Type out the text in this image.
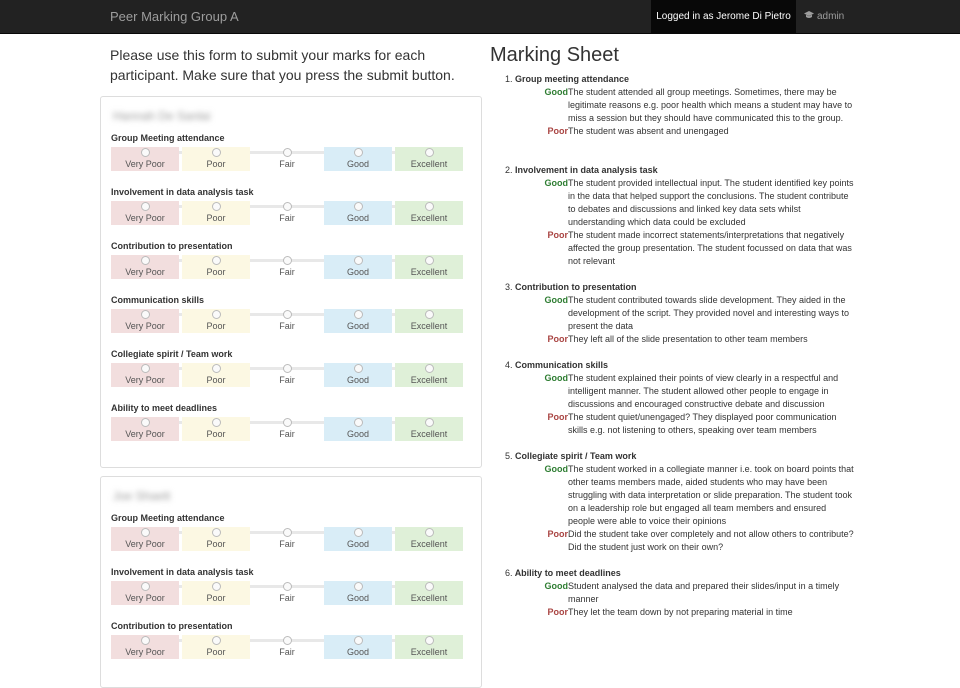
Peer Marking Group A	Logged in as Jerome Di Pietro	admin
Please use this form to submit your marks for each participant. Make sure that you press the submit button.
Hannah De Sanlai
Group Meeting attendance
Very Poor	Poor	Fair	Good	Excellent
Involvement in data analysis task
Very Poor	Poor	Fair	Good	Excellent
Contribution to presentation
Very Poor	Poor	Fair	Good	Excellent
Communication skills
Very Poor	Poor	Fair	Good	Excellent
Collegiate spirit / Team work
Very Poor	Poor	Fair	Good	Excellent
Ability to meet deadlines
Very Poor	Poor	Fair	Good	Excellent
Joe Shaett
Group Meeting attendance
Very Poor	Poor	Fair	Good	Excellent
Involvement in data analysis task
Very Poor	Poor	Fair	Good	Excellent
Contribution to presentation
Very Poor	Poor	Fair	Good	Excellent
Marking Sheet
1. Group meeting attendance
Good The student attended all group meetings. Sometimes, there may be legitimate reasons e.g. poor health which means a student may have to miss a session but they should have communicated this to the group.
Poor The student was absent and unengaged
2. Involvement in data analysis task
Good The student provided intellectual input. The student identified key points in the data that helped support the conclusions. The student contribute to debates and discussions and linked key data sets whilst understanding which data could be excluded
Poor The student made incorrect statements/interpretations that negatively affected the group presentation. The student focussed on data that was not relevant
3. Contribution to presentation
Good The student contributed towards slide development. They aided in the development of the script. They provided novel and interesting ways to present the data
Poor They left all of the slide presentation to other team members
4. Communication skills
Good The student explained their points of view clearly in a respectful and intelligent manner. The student allowed other people to engage in discussions and encouraged constructive debate and discussion
Poor The student quiet/unengaged? They displayed poor communication skills e.g. not listening to others, speaking over team members
5. Collegiate spirit / Team work
Good The student worked in a collegiate manner i.e. took on board points that other teams members made, aided students who may have been struggling with data interpretation or slide preparation. The student took on a leadership role but engaged all team members and ensured people were able to voice their opinions
Poor Did the student take over completely and not allow others to contribute? Did the student just work on their own?
6. Ability to meet deadlines
Good Student analysed the data and prepared their slides/input in a timely manner
Poor They let the team down by not preparing material in time
